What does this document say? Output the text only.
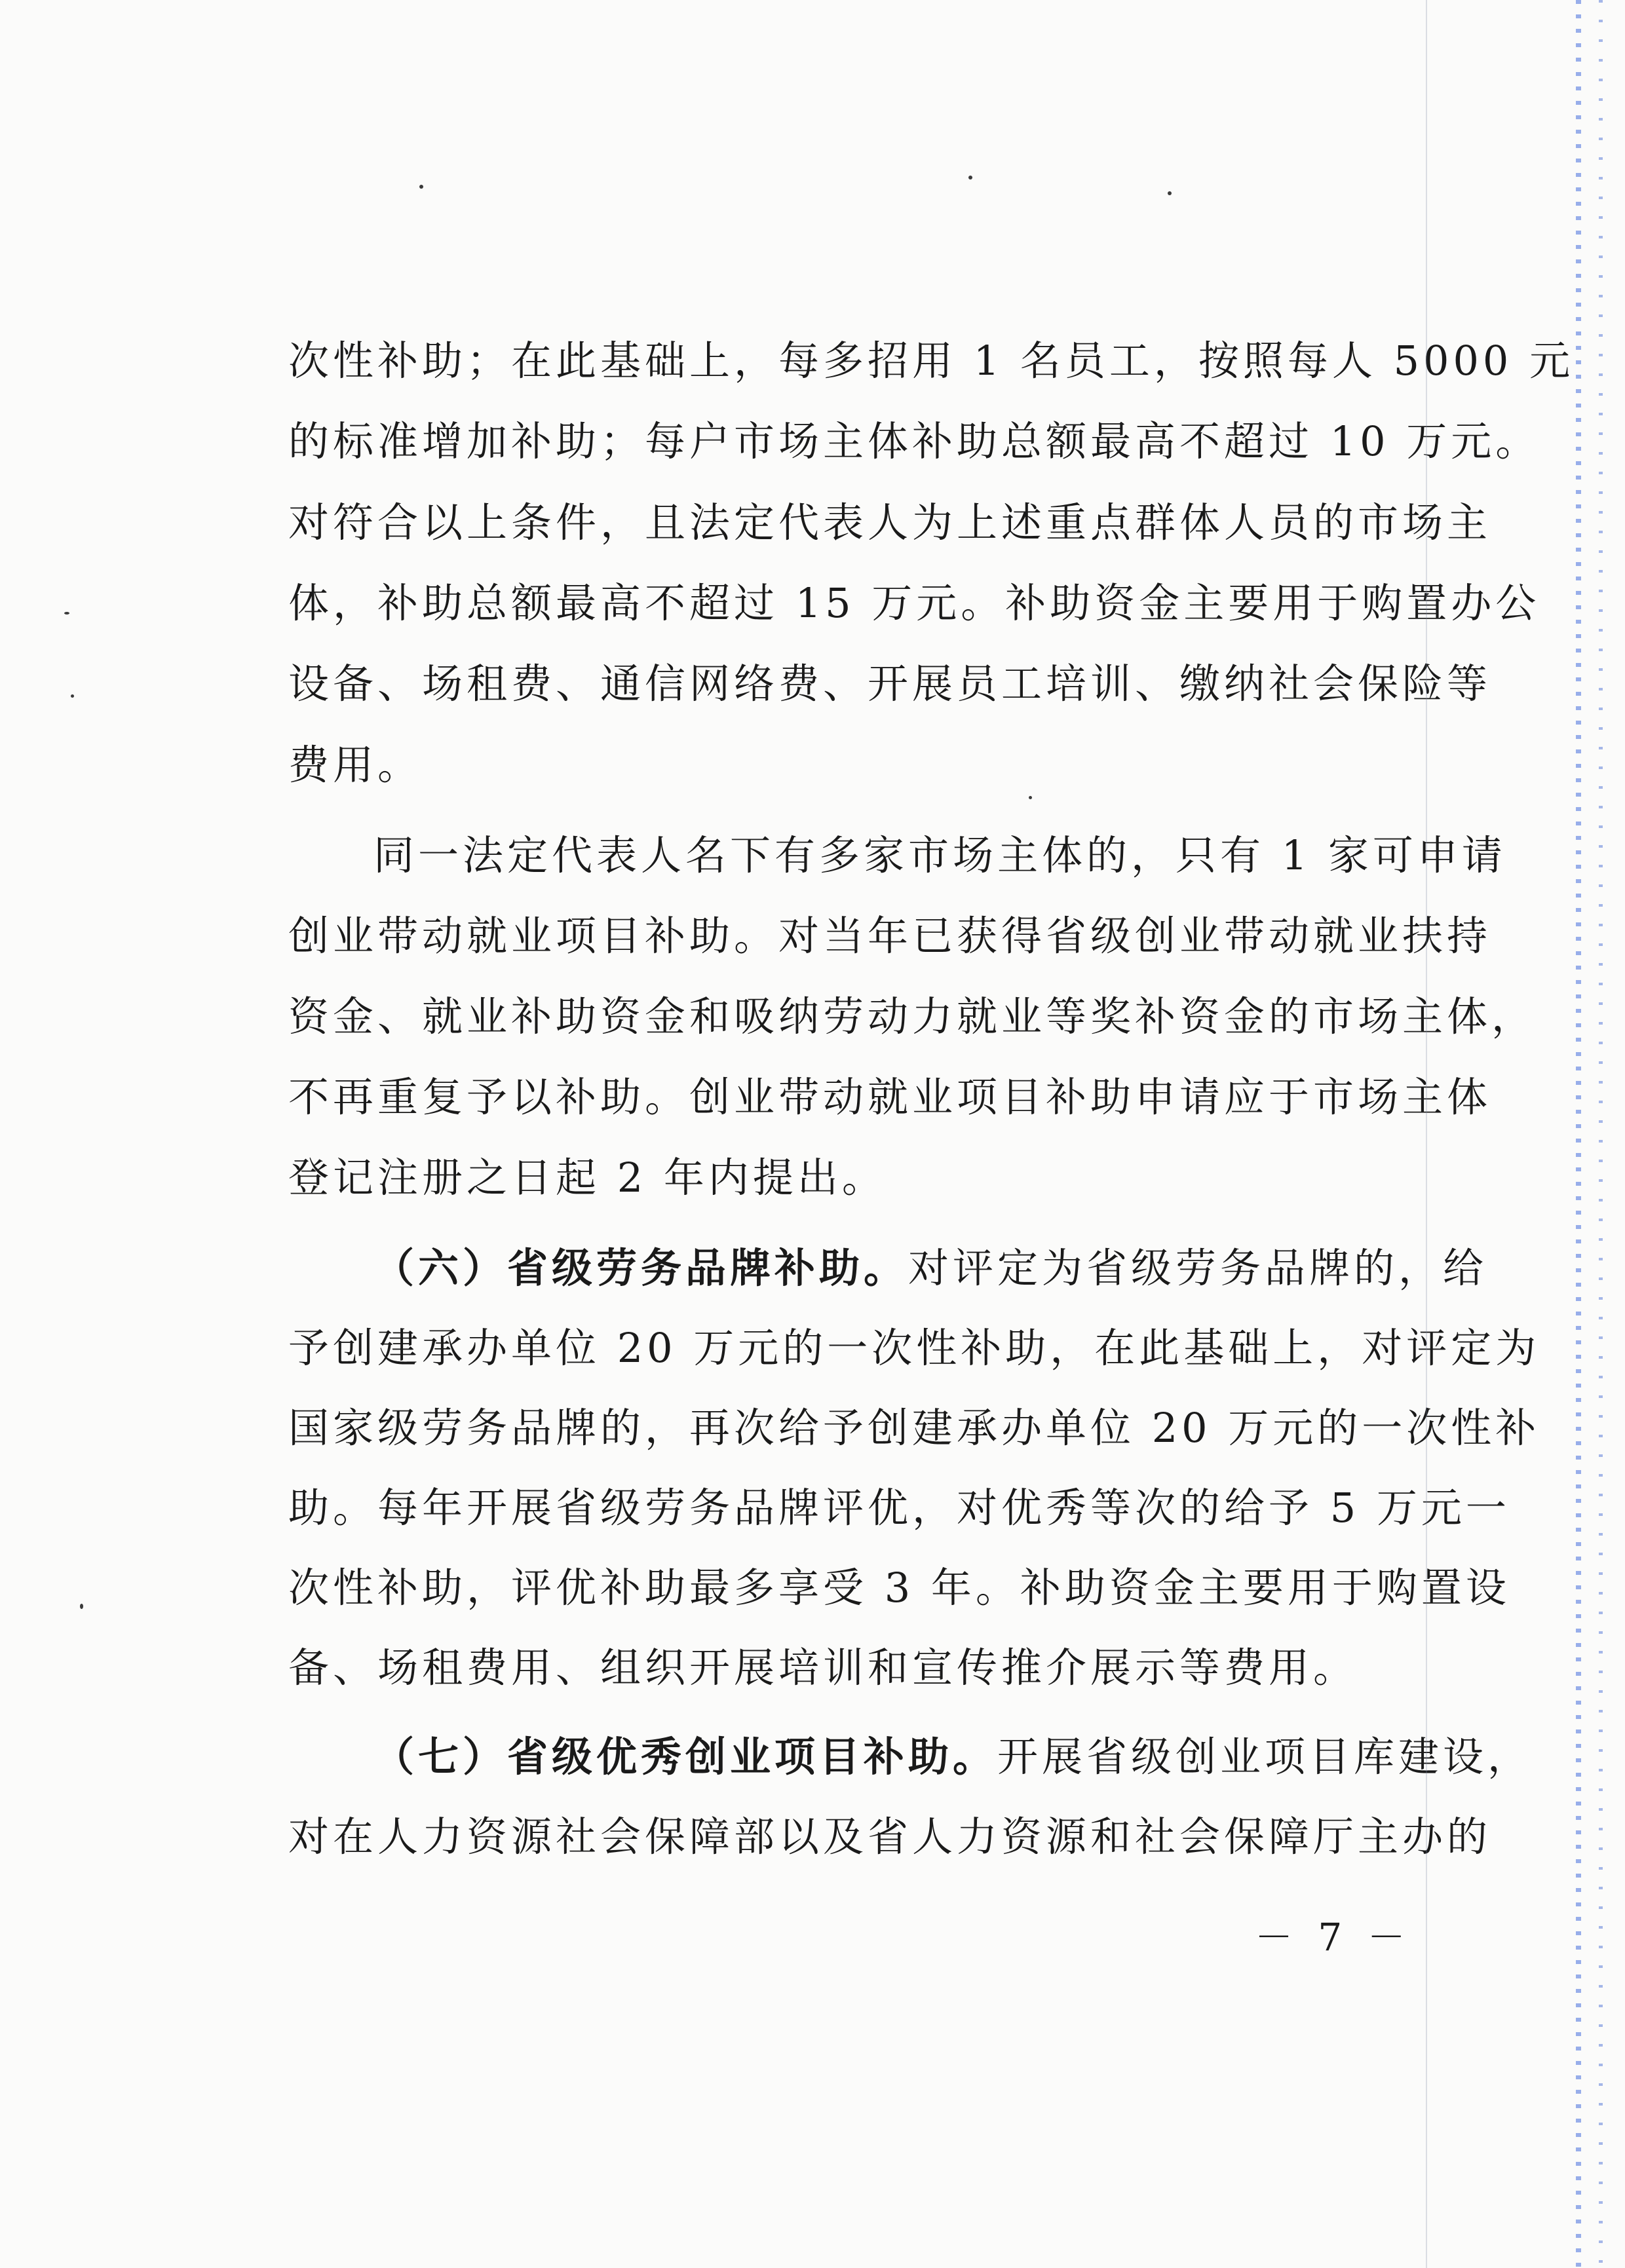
次性补助；在此基础上，每多招用 1 名员工，按照每人 5000 元
的标准增加补助；每户市场主体补助总额最高不超过 10 万元。
对符合以上条件，且法定代表人为上述重点群体人员的市场主
体，补助总额最高不超过 15 万元。补助资金主要用于购置办公
设备、场租费、通信网络费、开展员工培训、缴纳社会保险等
费用。
同一法定代表人名下有多家市场主体的，只有 1 家可申请
创业带动就业项目补助。对当年已获得省级创业带动就业扶持
资金、就业补助资金和吸纳劳动力就业等奖补资金的市场主体，
不再重复予以补助。创业带动就业项目补助申请应于市场主体
登记注册之日起 2 年内提出。
（六）省级劳务品牌补助。对评定为省级劳务品牌的，给
予创建承办单位 20 万元的一次性补助，在此基础上，对评定为
国家级劳务品牌的，再次给予创建承办单位 20 万元的一次性补
助。每年开展省级劳务品牌评优，对优秀等次的给予 5 万元一
次性补助，评优补助最多享受 3 年。补助资金主要用于购置设
备、场租费用、组织开展培训和宣传推介展示等费用。
（七）省级优秀创业项目补助。开展省级创业项目库建设，
对在人力资源社会保障部以及省人力资源和社会保障厅主办的
－ 7 －
